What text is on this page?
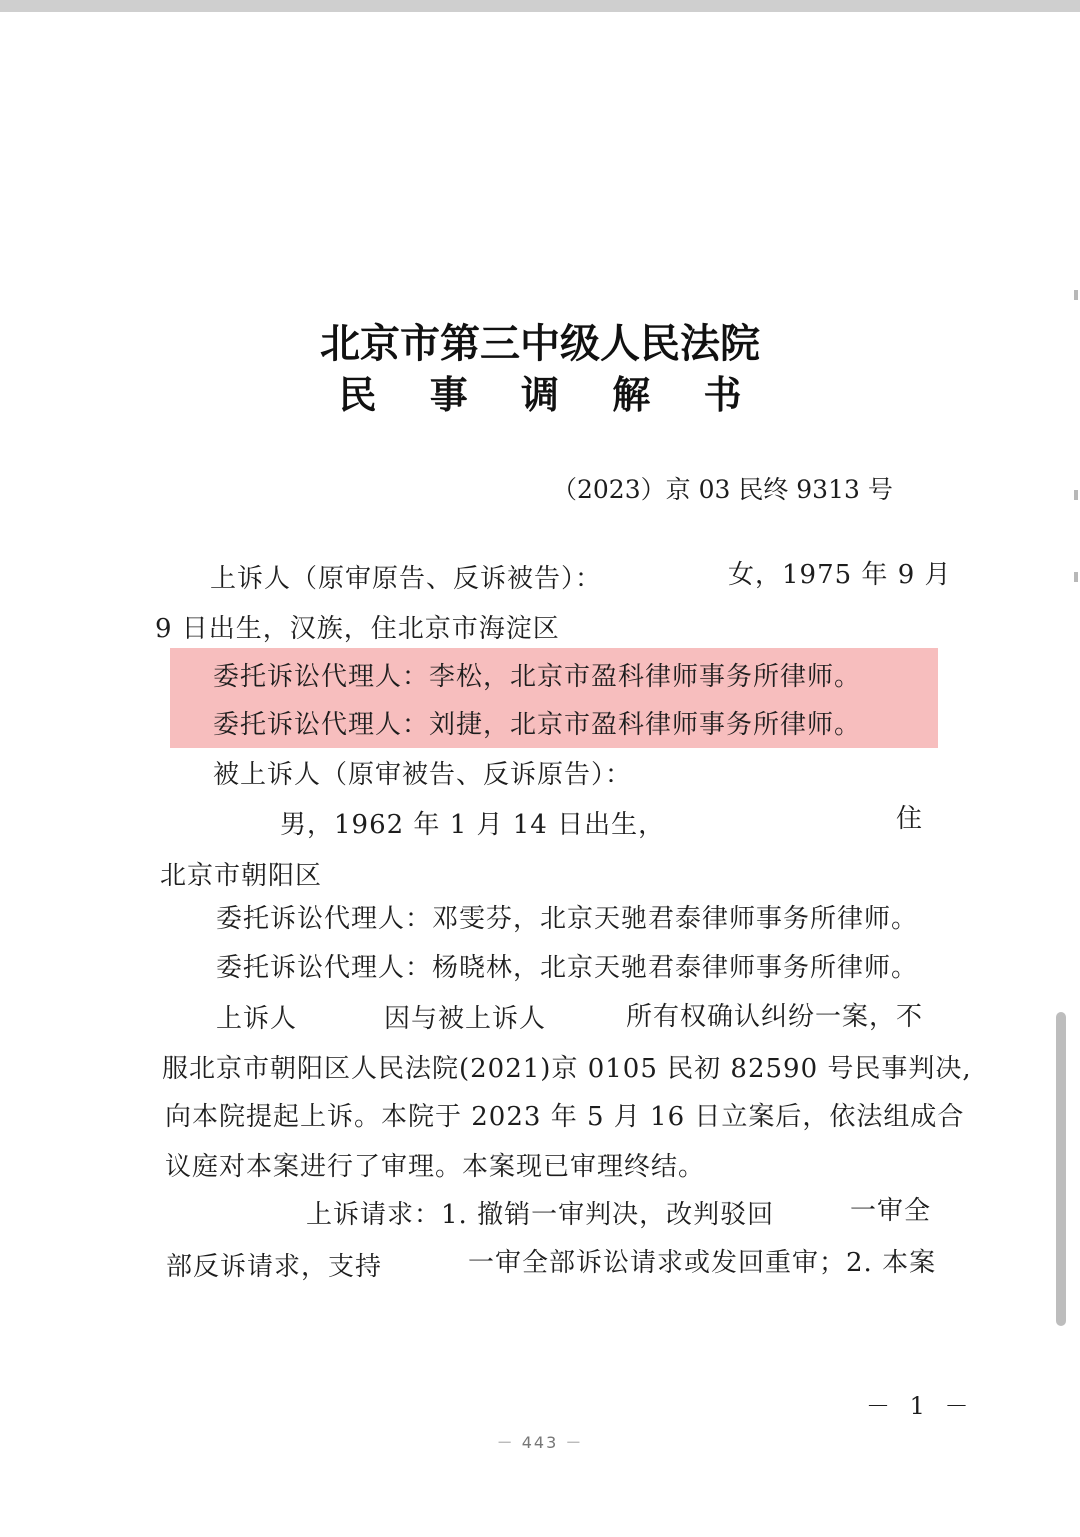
北京市第三中级人民法院
民 事 调 解 书
（2023）京 03 民终 9313 号
上诉人（原审原告、反诉被告）：	女，1975 年 9 月
9 日出生，汉族，住北京市海淀区
委托诉讼代理人：李松，北京市盈科律师事务所律师。
委托诉讼代理人：刘捷，北京市盈科律师事务所律师。
被上诉人（原审被告、反诉原告）：
男，1962 年 1 月 14 日出生，	住
北京市朝阳区
委托诉讼代理人：邓雯芬，北京天驰君泰律师事务所律师。
委托诉讼代理人：杨晓林，北京天驰君泰律师事务所律师。
上诉人	因与被上诉人	所有权确认纠纷一案，不
服北京市朝阳区人民法院(2021)京 0105 民初 82590 号民事判决,
向本院提起上诉。本院于 2023 年 5 月 16 日立案后，依法组成合
议庭对本案进行了审理。本案现已审理终结。
上诉请求：1. 撤销一审判决，改判驳回	一审全
部反诉请求，支持	一审全部诉讼请求或发回重审；2. 本案
－ 1 －
－ 443 －
